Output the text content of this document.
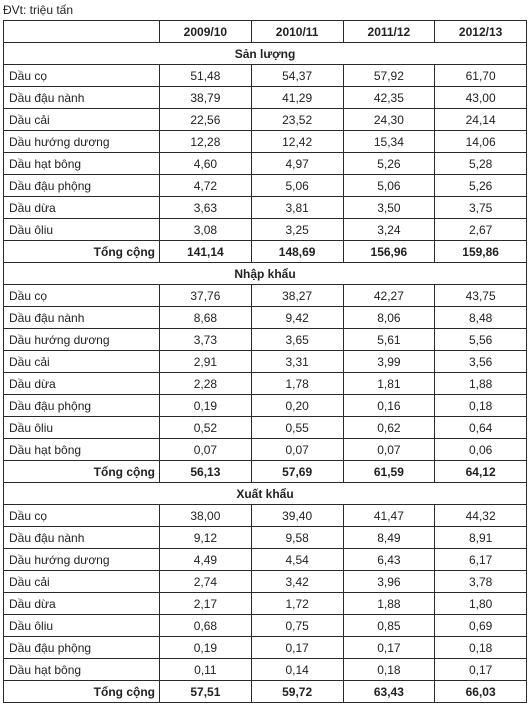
ĐVt: triệu tấn
	2009/10	2010/11	2011/12	2012/13
Sản lượng				
Dầu cọ	51,48	54,37	57,92	61,70
Dầu đậu nành	38,79	41,29	42,35	43,00
Dầu cải	22,56	23,52	24,30	24,14
Dầu hướng dương	12,28	12,42	15,34	14,06
Dầu hạt bông	4,60	4,97	5,26	5,28
Dầu đậu phộng	4,72	5,06	5,06	5,26
Dầu dừa	3,63	3,81	3,50	3,75
Dầu ôliu	3,08	3,25	3,24	2,67
Tổng cộng	141,14	148,69	156,96	159,86
Nhập khẩu				
Dầu cọ	37,76	38,27	42,27	43,75
Dầu đậu nành	8,68	9,42	8,06	8,48
Dầu hướng dương	3,73	3,65	5,61	5,56
Dầu cải	2,91	3,31	3,99	3,56
Dầu dừa	2,28	1,78	1,81	1,88
Dầu đậu phộng	0,19	0,20	0,16	0,18
Dầu ôliu	0,52	0,55	0,62	0,64
Dầu hạt bông	0,07	0,07	0,07	0,06
Tổng cộng	56,13	57,69	61,59	64,12
Xuất khẩu				
Dầu cọ	38,00	39,40	41,47	44,32
Dầu đậu nành	9,12	9,58	8,49	8,91
Dầu hướng dương	4,49	4,54	6,43	6,17
Dầu cải	2,74	3,42	3,96	3,78
Dầu dừa	2,17	1,72	1,88	1,80
Dầu ôliu	0,68	0,75	0,85	0,69
Dầu đậu phộng	0,19	0,17	0,17	0,18
Dầu hạt bông	0,11	0,14	0,18	0,17
Tổng cộng	57,51	59,72	63,43	66,03
